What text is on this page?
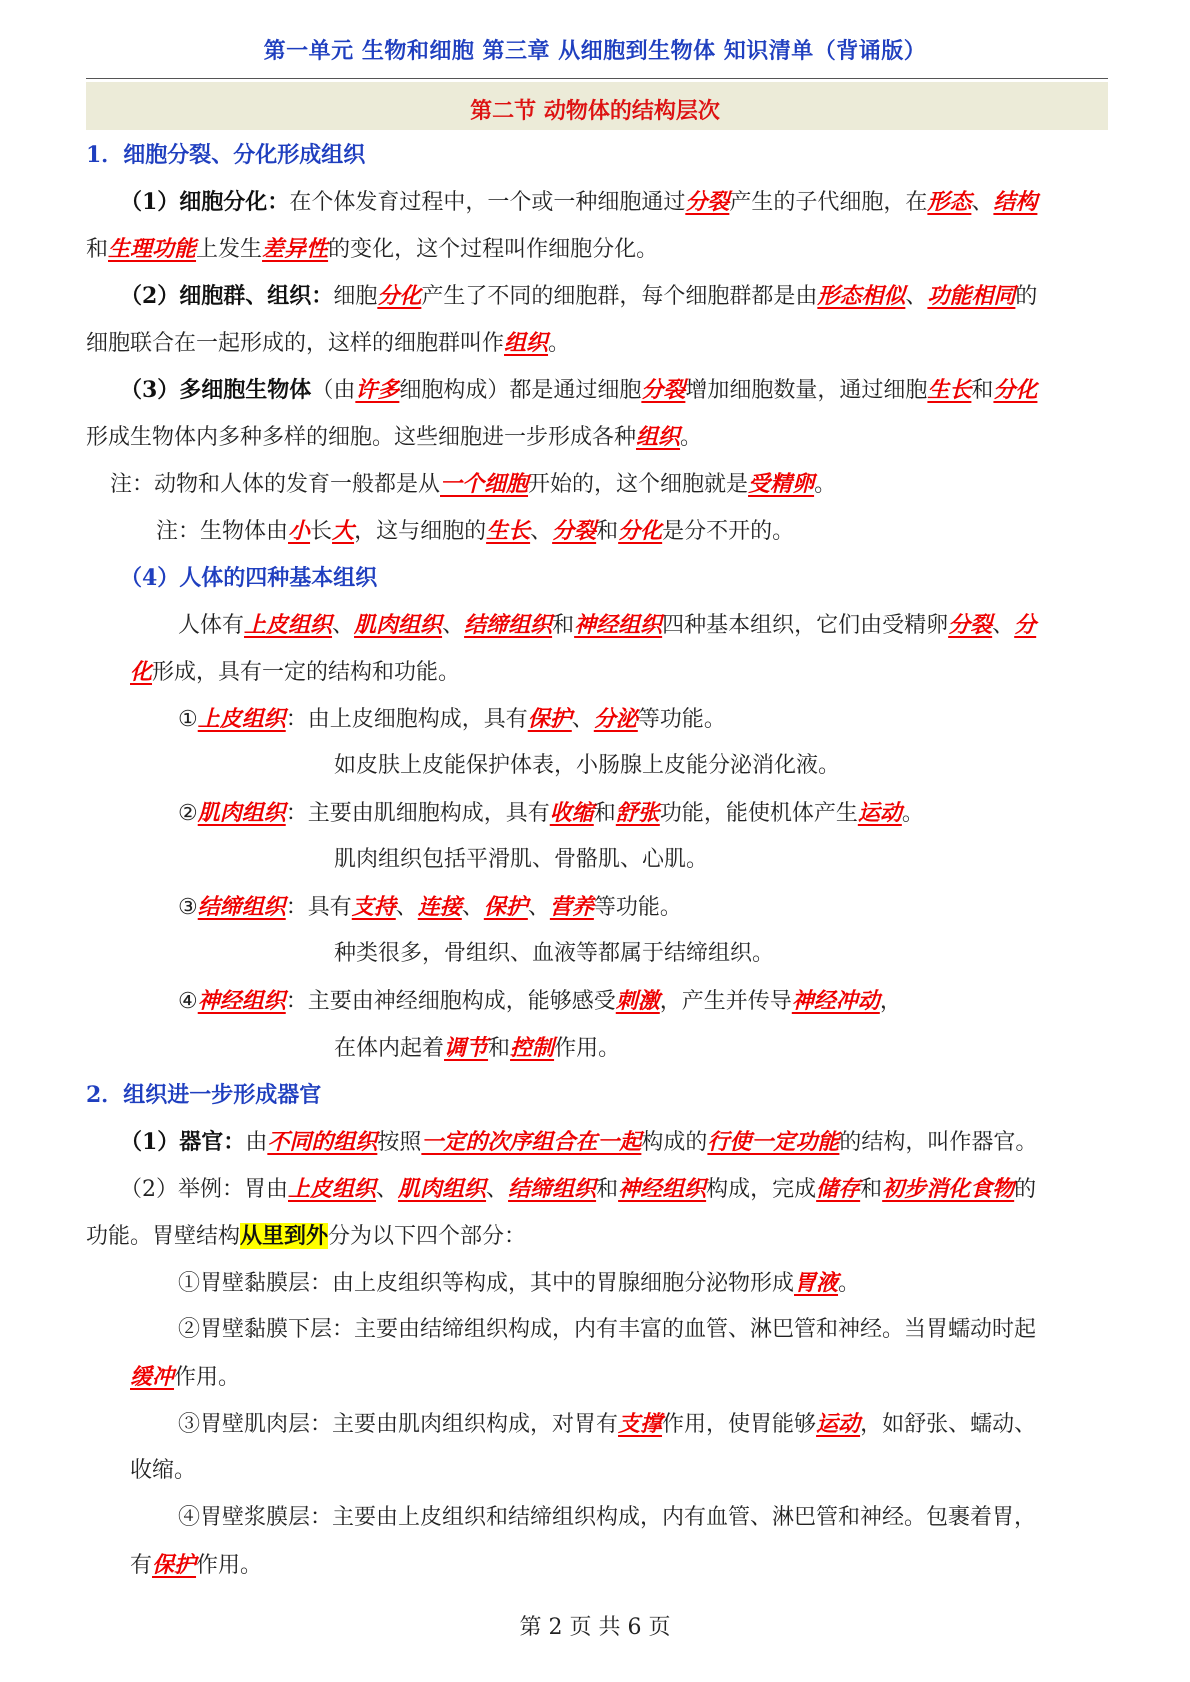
第一单元 生物和细胞 第三章 从细胞到生物体 知识清单（背诵版）
第二节 动物体的结构层次
1．细胞分裂、分化形成组织
（1）细胞分化：在个体发育过程中，一个或一种细胞通过分裂产生的子代细胞，在形态、结构
和生理功能上发生差异性的变化，这个过程叫作细胞分化。
（2）细胞群、组织：细胞分化产生了不同的细胞群，每个细胞群都是由形态相似、功能相同的
细胞联合在一起形成的，这样的细胞群叫作组织。
（3）多细胞生物体（由许多细胞构成）都是通过细胞分裂增加细胞数量，通过细胞生长和分化
形成生物体内多种多样的细胞。这些细胞进一步形成各种组织。
注：动物和人体的发育一般都是从一个细胞开始的，这个细胞就是受精卵。
注：生物体由小长大，这与细胞的生长、分裂和分化是分不开的。
（4）人体的四种基本组织
人体有上皮组织、肌肉组织、结缔组织和神经组织四种基本组织，它们由受精卵分裂、分
化形成，具有一定的结构和功能。
①上皮组织：由上皮细胞构成，具有保护、分泌等功能。
如皮肤上皮能保护体表，小肠腺上皮能分泌消化液。
②肌肉组织：主要由肌细胞构成，具有收缩和舒张功能，能使机体产生运动。
肌肉组织包括平滑肌、骨骼肌、心肌。
③结缔组织：具有支持、连接、保护、营养等功能。
种类很多，骨组织、血液等都属于结缔组织。
④神经组织：主要由神经细胞构成，能够感受刺激，产生并传导神经冲动，
在体内起着调节和控制作用。
2．组织进一步形成器官
（1）器官：由不同的组织按照一定的次序组合在一起构成的行使一定功能的结构，叫作器官。
（2）举例：胃由上皮组织、肌肉组织、结缔组织和神经组织构成，完成储存和初步消化食物的
功能。胃壁结构从里到外分为以下四个部分：
①胃壁黏膜层：由上皮组织等构成，其中的胃腺细胞分泌物形成胃液。
②胃壁黏膜下层：主要由结缔组织构成，内有丰富的血管、淋巴管和神经。当胃蠕动时起
缓冲作用。
③胃壁肌肉层：主要由肌肉组织构成，对胃有支撑作用，使胃能够运动，如舒张、蠕动、
收缩。
④胃壁浆膜层：主要由上皮组织和结缔组织构成，内有血管、淋巴管和神经。包裹着胃，
有保护作用。
第 2 页 共 6 页
